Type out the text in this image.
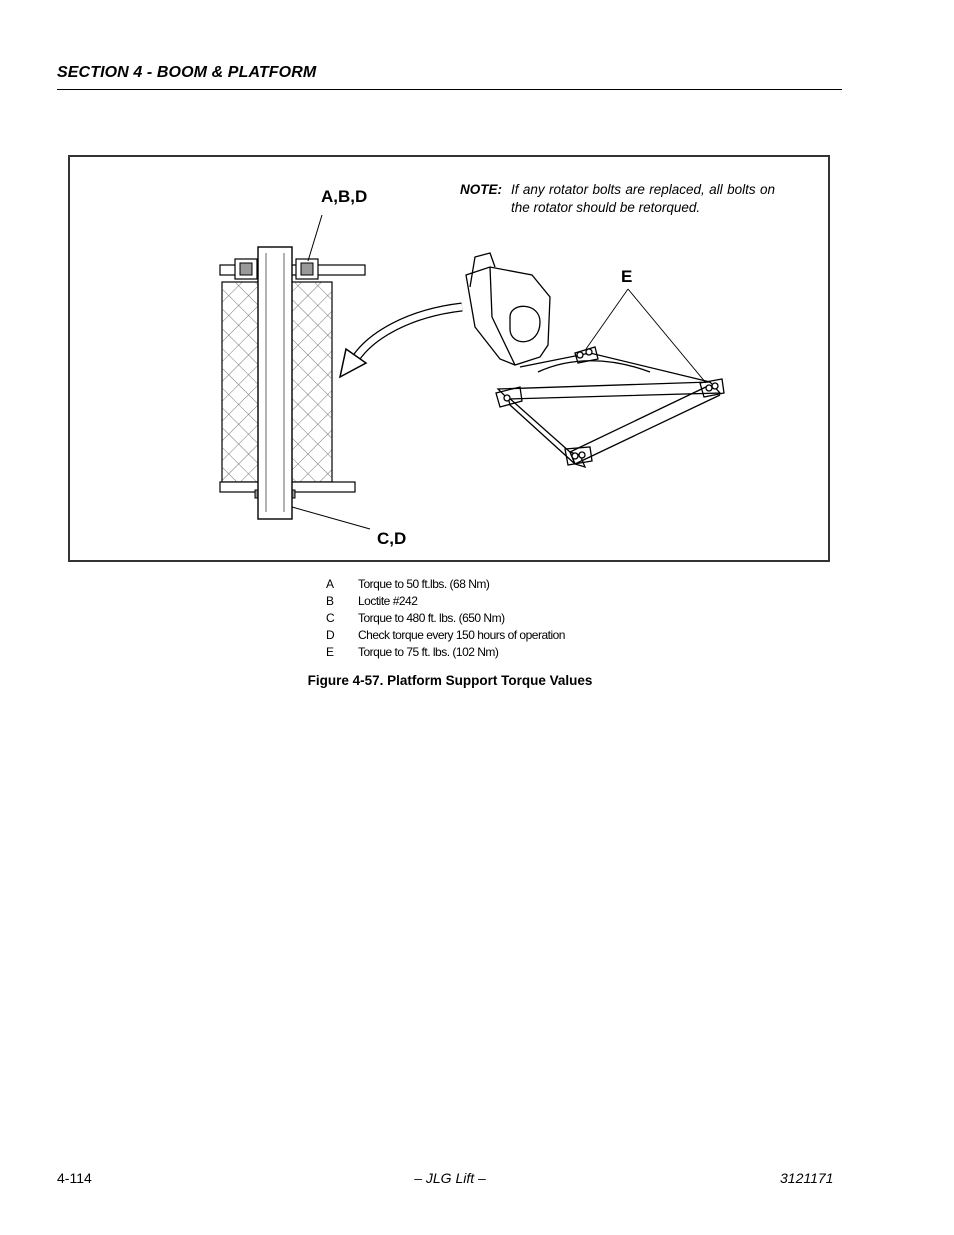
SECTION 4 - BOOM & PLATFORM
A,B,D
E
C,D
NOTE: If any rotator bolts are replaced, all bolts on the rotator should be retorqued.
A	Torque to 50 ft.lbs. (68 Nm)
B	Loctite #242
C	Torque to 480 ft. lbs. (650 Nm)
D	Check torque every 150 hours of operation
E	Torque to 75 ft. lbs. (102 Nm)
Figure 4-57. Platform Support Torque Values
4-114	– JLG Lift –	3121171
